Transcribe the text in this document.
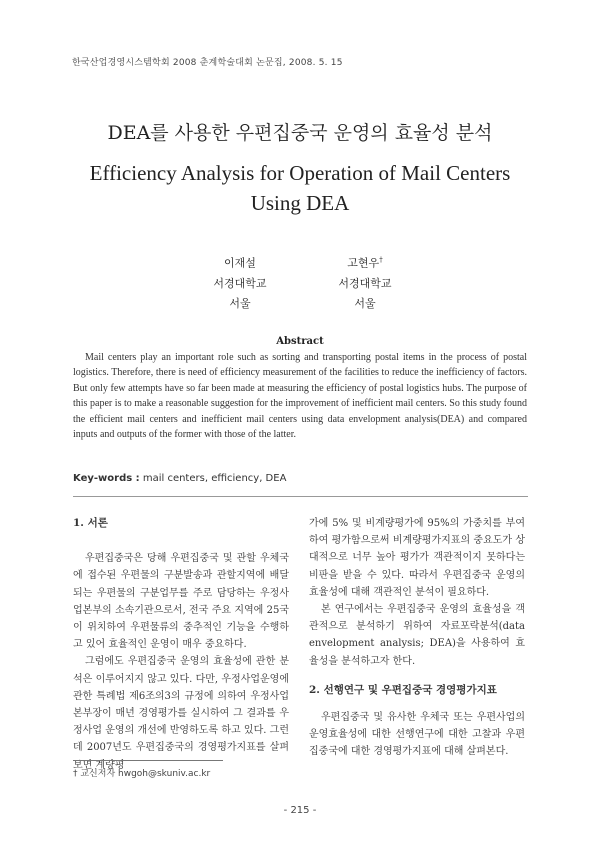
한국산업경영시스템학회 2008 춘계학술대회 논문집, 2008. 5. 15
DEA를 사용한 우편집중국 운영의 효율성 분석
Efficiency Analysis for Operation of Mail Centers Using DEA
이재설
서경대학교
서울
고현우†
서경대학교
서울
Abstract
Mail centers play an important role such as sorting and transporting postal items in the process of postal logistics. Therefore, there is need of efficiency measurement of the facilities to reduce the inefficiency of factors. But only few attempts have so far been made at measuring the efficiency of postal logistics hubs. The purpose of this paper is to make a reasonable suggestion for the improvement of inefficient mail centers. So this study found the efficient mail centers and inefficient mail centers using data envelopment analysis(DEA) and compared inputs and outputs of the former with those of the latter.
Key-words : mail centers, efficiency, DEA

1. 서론

우편집중국은 당해 우편집중국 및 관할 우체국에 접수된 우편물의 구분발송과 관할지역에 배달되는 우편물의 구분업무를 주로 담당하는 우정사업본부의 소속기관으로서, 전국 주요 지역에 25국이 위치하여 우편물류의 중추적인 기능을 수행하고 있어 효율적인 운영이 매우 중요하다.

그럼에도 우편집중국 운영의 효율성에 관한 분석은 이루어지지 않고 있다. 다만, 우정사업운영에 관한 특례법 제6조의3의 규정에 의하여 우정사업본부장이 매년 경영평가를 실시하여 그 결과를 우정사업 운영의 개선에 반영하도록 하고 있다. 그런데 2007년도 우편집중국의 경영평가지표를 살펴보면 계량평

가에 5% 및 비계량평가에 95%의 가중치를 부여하여 평가함으로써 비계량평가지표의 중요도가 상대적으로 너무 높아 평가가 객관적이지 못하다는 비판을 받을 수 있다. 따라서 우편집중국 운영의 효율성에 대해 객관적인 분석이 필요하다.

본 연구에서는 우편집중국 운영의 효율성을 객관적으로 분석하기 위하여 자료포락분석(data envelopment analysis; DEA)을 사용하여 효율성을 분석하고자 한다.

2. 선행연구 및 우편집중국 경영평가지표

우편집중국 및 유사한 우체국 또는 우편사업의 운영효율성에 대한 선행연구에 대한 고찰과 우편집중국에 대한 경영평가지표에 대해 살펴본다.

† 교신저자 hwgoh@skuniv.ac.kr
- 215 -
